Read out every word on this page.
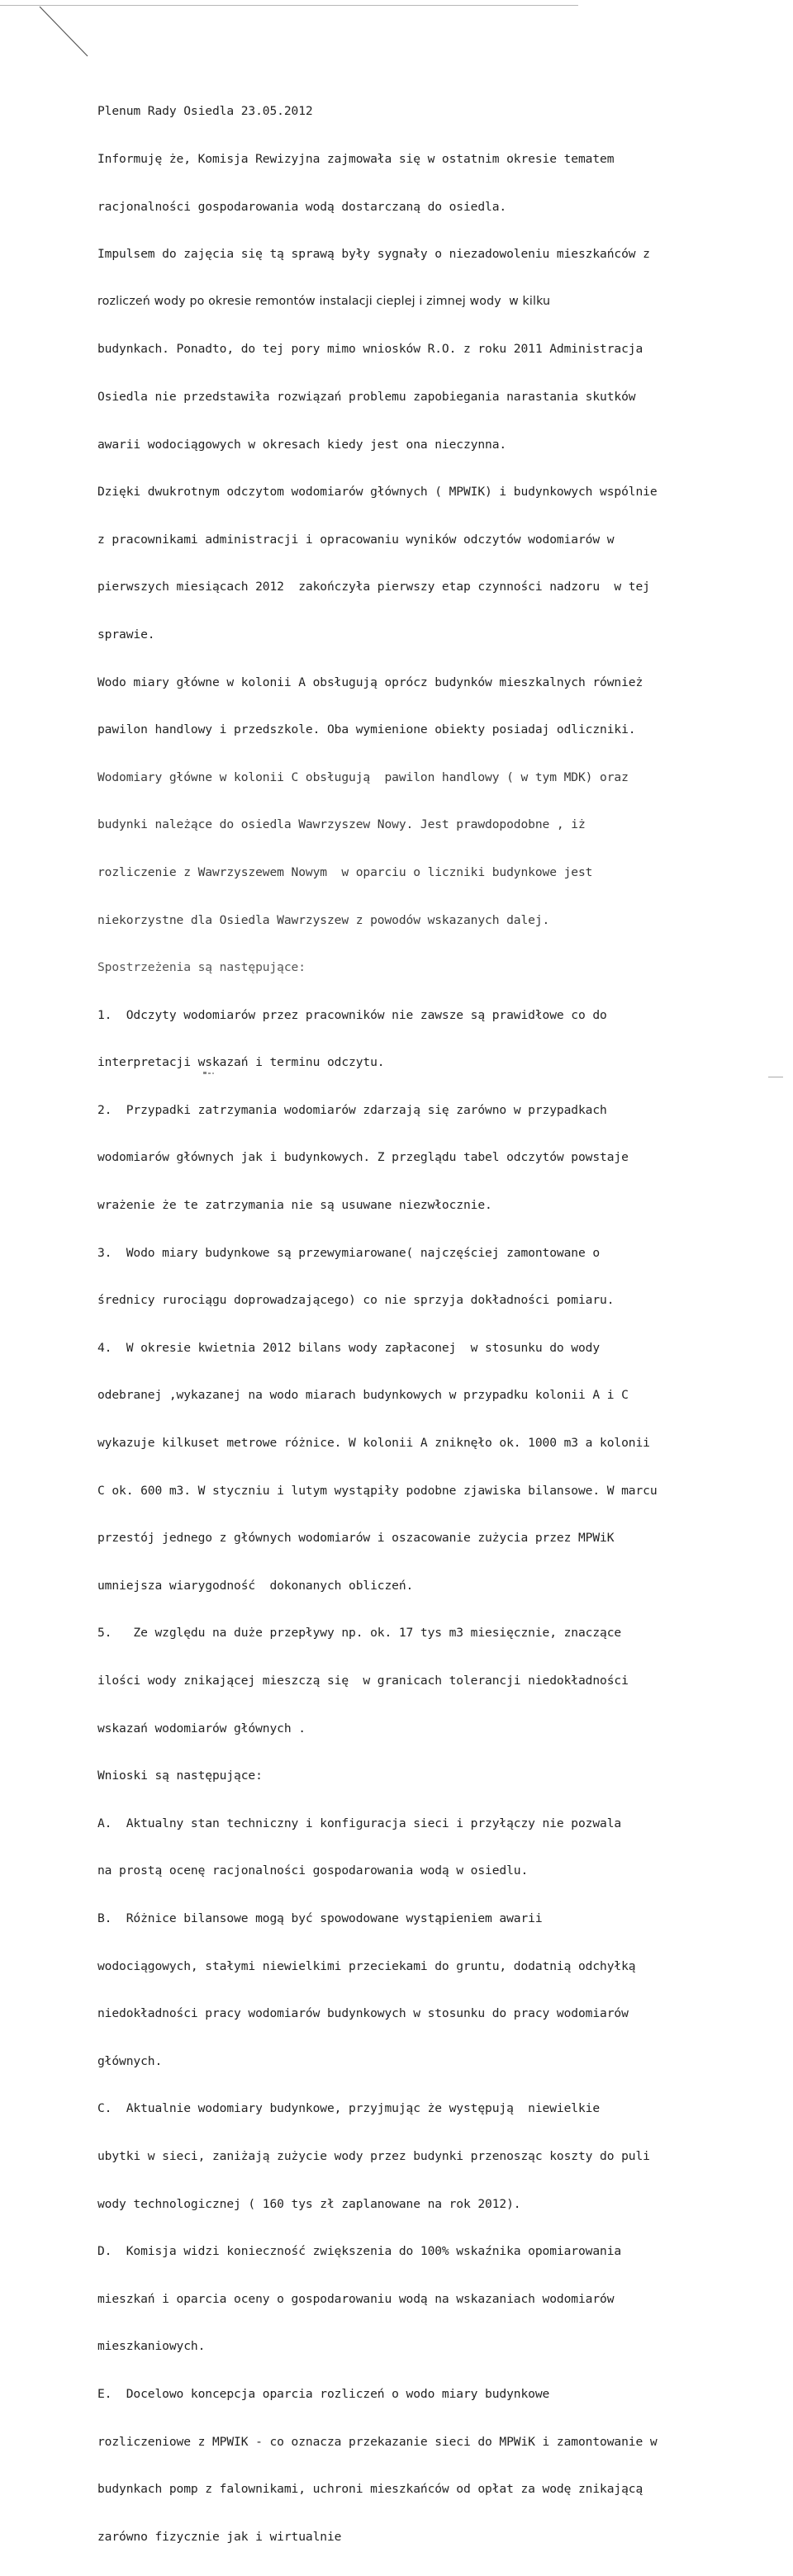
Plenum Rady Osiedla 23.05.2012

Informuję że, Komisja Rewizyjna zajmowała się w ostatnim okresie tematem

racjonalności gospodarowania wodą dostarczaną do osiedla.

Impulsem do zajęcia się tą sprawą były sygnały o niezadowoleniu mieszkańców z

rozliczeń wody po okresie remontów instalacji cieplej i zimnej wody  w kilku

budynkach. Ponadto, do tej pory mimo wniosków R.O. z roku 2011 Administracja

Osiedla nie przedstawiła rozwiązań problemu zapobiegania narastania skutków

awarii wodociągowych w okresach kiedy jest ona nieczynna.

Dzięki dwukrotnym odczytom wodomiarów głównych ( MPWIK) i budynkowych wspólnie

z pracownikami administracji i opracowaniu wyników odczytów wodomiarów w

pierwszych miesiącach 2012  zakończyła pierwszy etap czynności nadzoru  w tej

sprawie.

Wodo miary główne w kolonii A obsługują oprócz budynków mieszkalnych również

pawilon handlowy i przedszkole. Oba wymienione obiekty posiadaj odliczniki.

Wodomiary główne w kolonii C obsługują  pawilon handlowy ( w tym MDK) oraz

budynki należące do osiedla Wawrzyszew Nowy. Jest prawdopodobne , iż

rozliczenie z Wawrzyszewem Nowym  w oparciu o liczniki budynkowe jest

niekorzystne dla Osiedla Wawrzyszew z powodów wskazanych dalej.

Spostrzeżenia są następujące:

1.  Odczyty wodomiarów przez pracowników nie zawsze są prawidłowe co do

interpretacji wskazań i terminu odczytu.

2.  Przypadki zatrzymania wodomiarów zdarzają się zarówno w przypadkach

wodomiarów głównych jak i budynkowych. Z przeglądu tabel odczytów powstaje

wrażenie że te zatrzymania nie są usuwane niezwłocznie.

3.  Wodo miary budynkowe są przewymiarowane( najczęściej zamontowane o

średnicy rurociągu doprowadzającego) co nie sprzyja dokładności pomiaru.

4.  W okresie kwietnia 2012 bilans wody zapłaconej  w stosunku do wody

odebranej ,wykazanej na wodo miarach budynkowych w przypadku kolonii A i C

wykazuje kilkuset metrowe różnice. W kolonii A zniknęło ok. 1000 m3 a kolonii

C ok. 600 m3. W styczniu i lutym wystąpiły podobne zjawiska bilansowe. W marcu

przestój jednego z głównych wodomiarów i oszacowanie zużycia przez MPWiK

umniejsza wiarygodność  dokonanych obliczeń.

5.   Ze względu na duże przepływy np. ok. 17 tys m3 miesięcznie, znaczące

ilości wody znikającej mieszczą się  w granicach tolerancji niedokładności

wskazań wodomiarów głównych .

Wnioski są następujące:

A.  Aktualny stan techniczny i konfiguracja sieci i przyłączy nie pozwala

na prostą ocenę racjonalności gospodarowania wodą w osiedlu.

B.  Różnice bilansowe mogą być spowodowane wystąpieniem awarii

wodociągowych, stałymi niewielkimi przeciekami do gruntu, dodatnią odchyłką

niedokładności pracy wodomiarów budynkowych w stosunku do pracy wodomiarów

głównych.

C.  Aktualnie wodomiary budynkowe, przyjmując że występują  niewielkie

ubytki w sieci, zaniżają zużycie wody przez budynki przenosząc koszty do puli

wody technologicznej ( 160 tys zł zaplanowane na rok 2012).

D.  Komisja widzi konieczność zwiększenia do 100% wskaźnika opomiarowania

mieszkań i oparcia oceny o gospodarowaniu wodą na wskazaniach wodomiarów

mieszkaniowych.

E.  Docelowo koncepcja oparcia rozliczeń o wodo miary budynkowe

rozliczeniowe z MPWIK - co oznacza przekazanie sieci do MPWiK i zamontowanie w

budynkach pomp z falownikami, uchroni mieszkańców od opłat za wodę znikającą

zarówno fizycznie jak i wirtualnie
